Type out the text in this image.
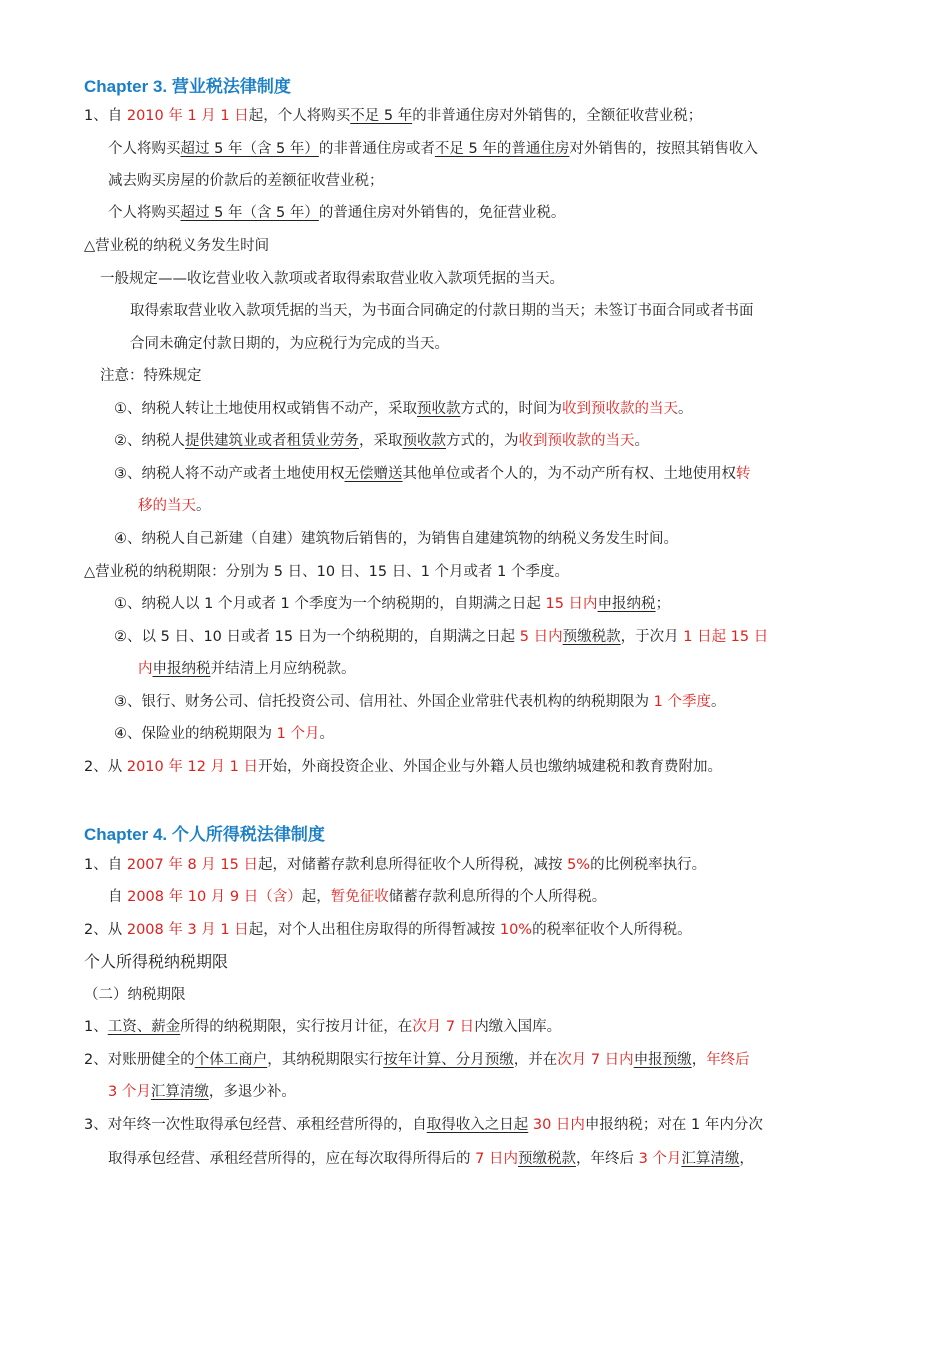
Chapter 3. 营业税法律制度
1、自 2010 年 1 月 1 日起，个人将购买不足 5 年的非普通住房对外销售的，全额征收营业税；
个人将购买超过 5 年（含 5 年）的非普通住房或者不足 5 年的普通住房对外销售的，按照其销售收入
减去购买房屋的价款后的差额征收营业税；
个人将购买超过 5 年（含 5 年）的普通住房对外销售的，免征营业税。
△营业税的纳税义务发生时间
一般规定——收讫营业收入款项或者取得索取营业收入款项凭据的当天。
取得索取营业收入款项凭据的当天，为书面合同确定的付款日期的当天；未签订书面合同或者书面
合同未确定付款日期的，为应税行为完成的当天。
注意：特殊规定
①、纳税人转让土地使用权或销售不动产，采取预收款方式的，时间为收到预收款的当天。
②、纳税人提供建筑业或者租赁业劳务，采取预收款方式的，为收到预收款的当天。
③、纳税人将不动产或者土地使用权无偿赠送其他单位或者个人的，为不动产所有权、土地使用权转
移的当天。
④、纳税人自己新建（自建）建筑物后销售的，为销售自建建筑物的纳税义务发生时间。
△营业税的纳税期限：分别为 5 日、10 日、15 日、1 个月或者 1 个季度。
①、纳税人以 1 个月或者 1 个季度为一个纳税期的，自期满之日起 15 日内申报纳税；
②、以 5 日、10 日或者 15 日为一个纳税期的，自期满之日起 5 日内预缴税款，于次月 1 日起 15 日
内申报纳税并结清上月应纳税款。
③、银行、财务公司、信托投资公司、信用社、外国企业常驻代表机构的纳税期限为 1 个季度。
④、保险业的纳税期限为 1 个月。
2、从 2010 年 12 月 1 日开始，外商投资企业、外国企业与外籍人员也缴纳城建税和教育费附加。
Chapter 4. 个人所得税法律制度
1、自 2007 年 8 月 15 日起，对储蓄存款利息所得征收个人所得税，减按 5%的比例税率执行。
自 2008 年 10 月 9 日（含）起，暂免征收储蓄存款利息所得的个人所得税。
2、从 2008 年 3 月 1 日起，对个人出租住房取得的所得暂减按 10%的税率征收个人所得税。
个人所得税纳税期限
（二）纳税期限
1、工资、薪金所得的纳税期限，实行按月计征，在次月 7 日内缴入国库。
2、对账册健全的个体工商户，其纳税期限实行按年计算、分月预缴，并在次月 7 日内申报预缴，年终后
3 个月汇算清缴，多退少补。
3、对年终一次性取得承包经营、承租经营所得的，自取得收入之日起 30 日内申报纳税；对在 1 年内分次
取得承包经营、承租经营所得的，应在每次取得所得后的 7 日内预缴税款，年终后 3 个月汇算清缴，
